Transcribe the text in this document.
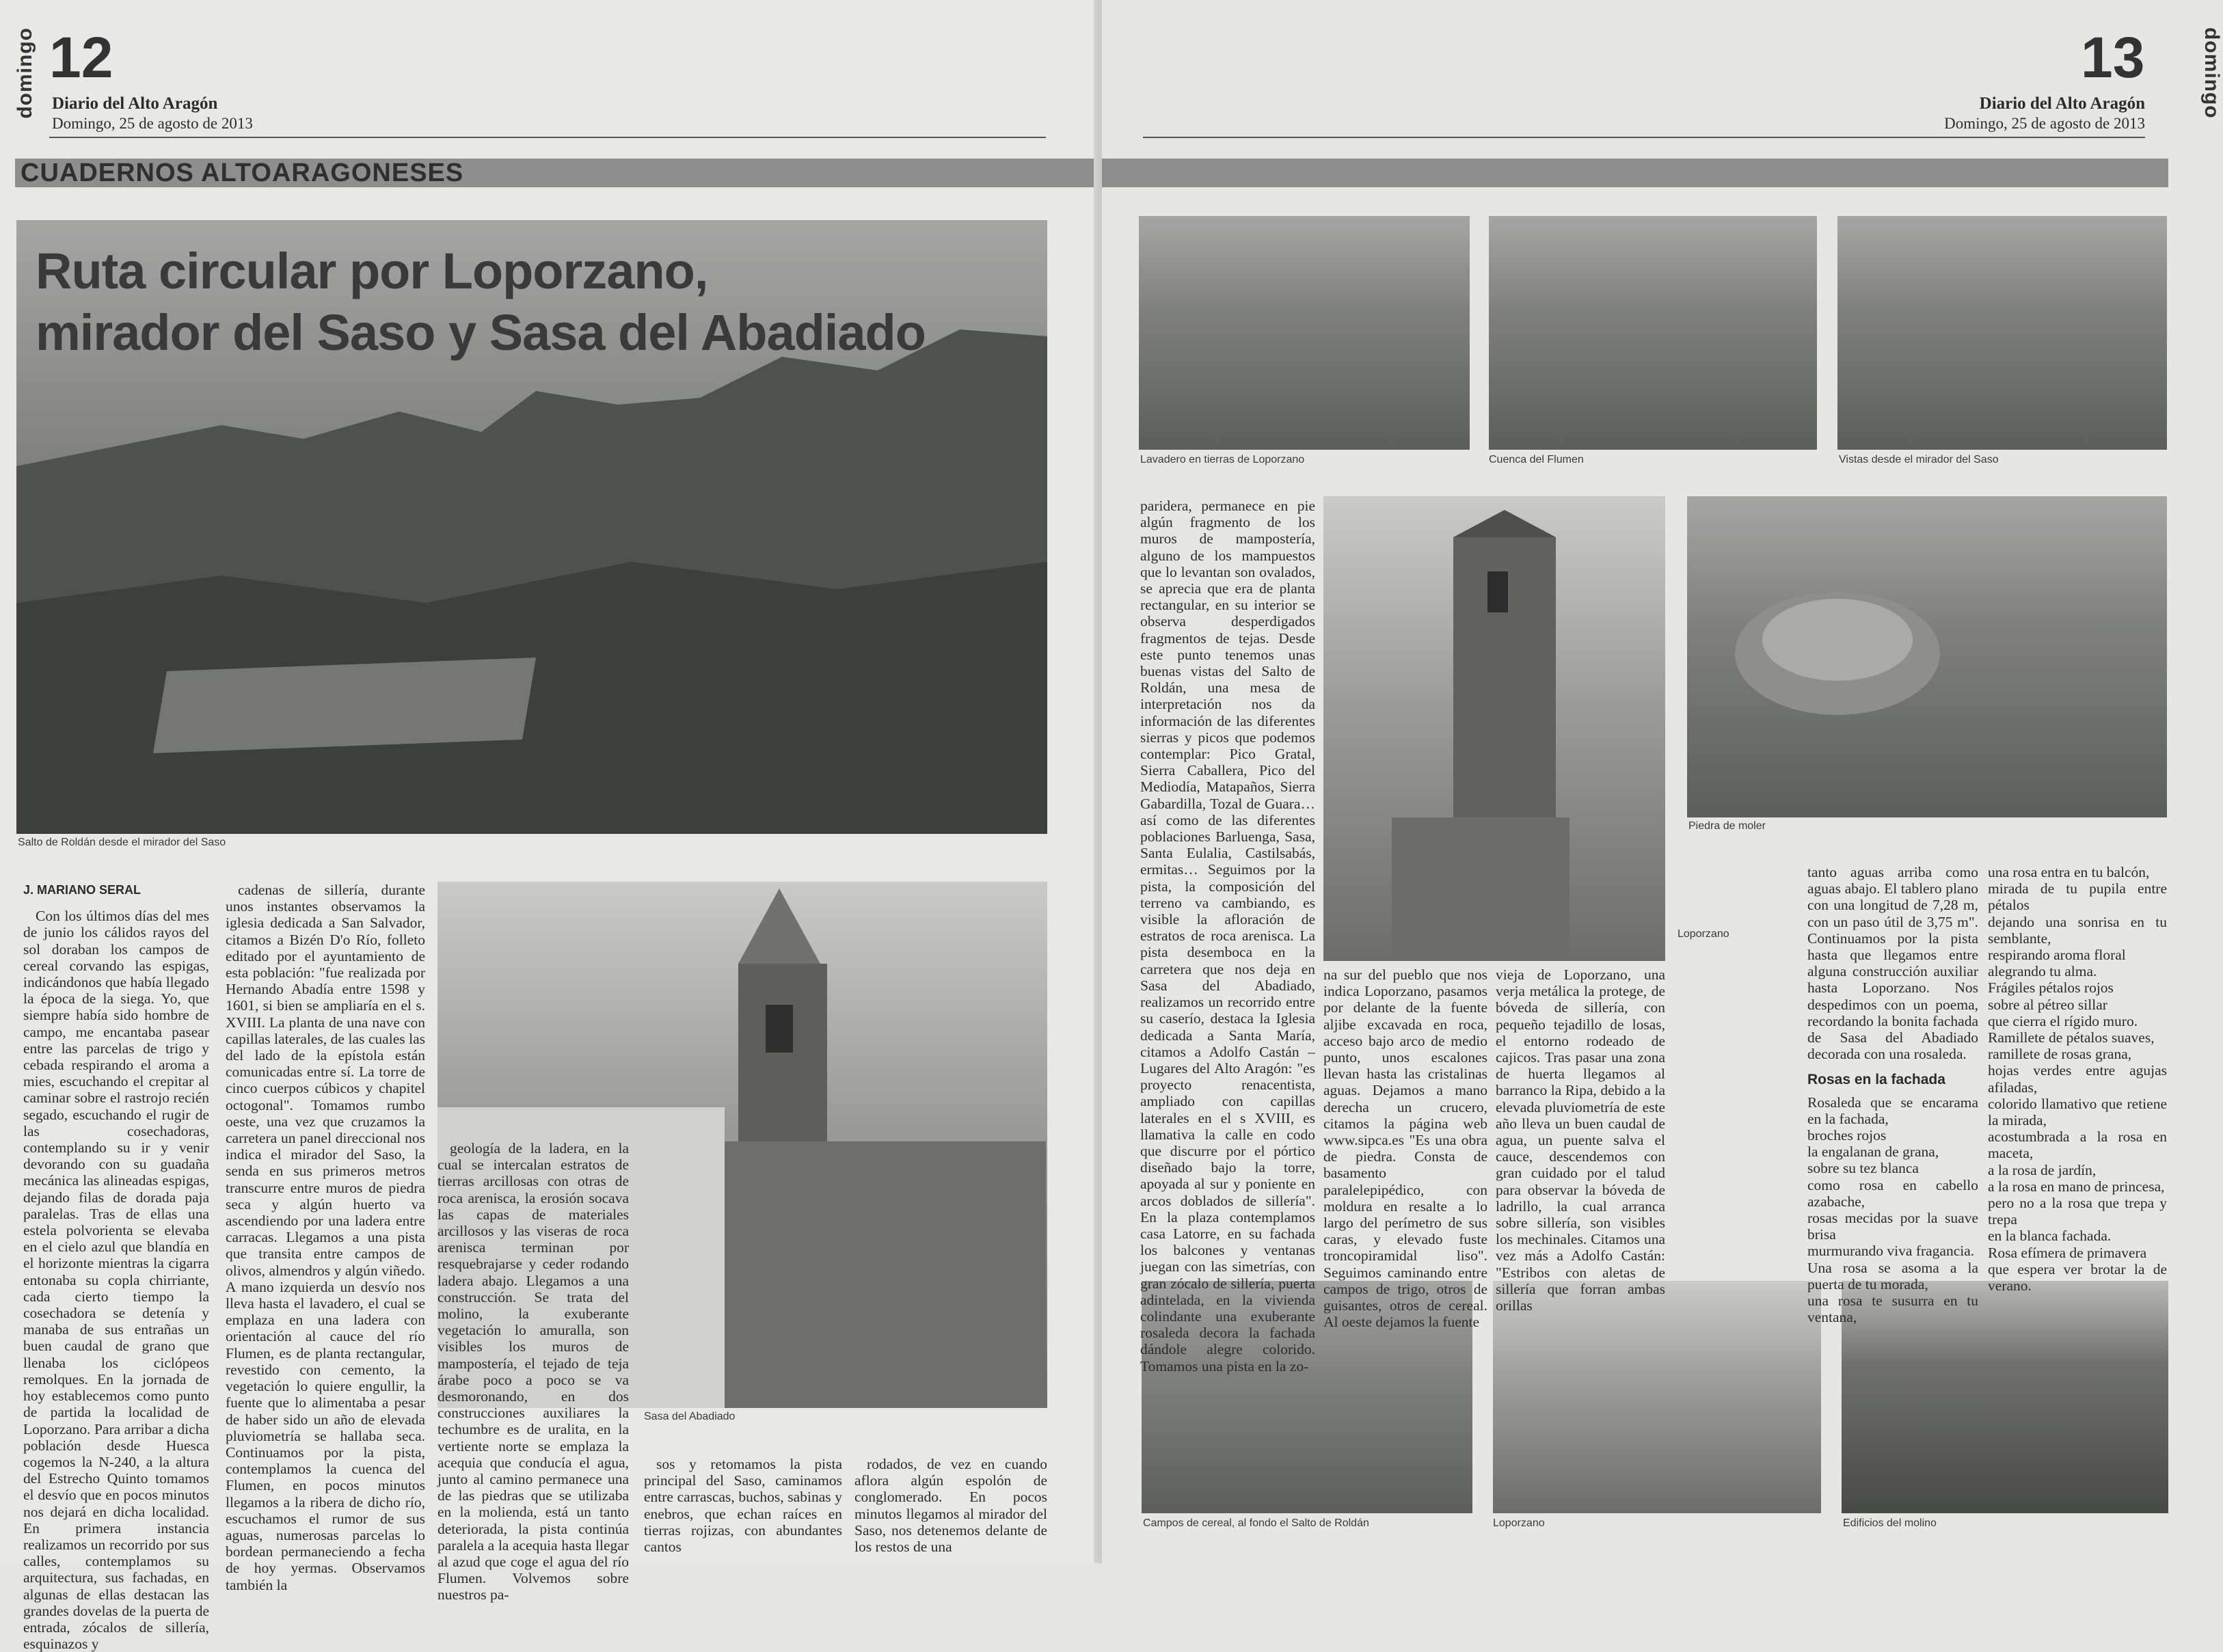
domingo 12
Diario del Alto Aragón
Domingo, 25 de agosto de 2013
CUADERNOS ALTOARAGONESES
Ruta circular por Loporzano,
mirador del Saso y Sasa del Abadiado
Salto de Roldán desde el mirador del Saso
Sasa del Abadiado

J. MARIANO SERAL

Con los últimos días del mes de junio los cálidos rayos del sol doraban los campos de cereal corvando las espigas, indicándonos que había llegado la época de la siega. Yo, que siempre había sido hombre de campo, me encantaba pasear entre las parcelas de trigo y cebada respirando el aroma a mies, escuchando el crepitar al caminar sobre el rastrojo recién segado, escuchando el rugir de las cosechadoras, contemplando su ir y venir devorando con su guadaña mecánica las alineadas espigas, dejando filas de dorada paja paralelas. Tras de ellas una estela polvorienta se elevaba en el cielo azul que blandía en el horizonte mientras la cigarra entonaba su copla chirriante, cada cierto tiempo la cosechadora se detenía y manaba de sus entrañas un buen caudal de grano que llenaba los ciclópeos remolques. En la jornada de hoy establecemos como punto de partida la localidad de Loporzano. Para arribar a dicha población desde Huesca cogemos la N-240, a la altura del Estrecho Quinto tomamos el desvío que en pocos minutos nos dejará en dicha localidad. En primera instancia realizamos un recorrido por sus calles, contemplamos su arquitectura, sus fachadas, en algunas de ellas destacan las grandes dovelas de la puerta de entrada, zócalos de sillería, esquinazos y

cadenas de sillería, durante unos instantes observamos la iglesia dedicada a San Salvador, citamos a Bizén D'o Río, folleto editado por el ayuntamiento de esta población: "fue realizada por Hernando Abadía entre 1598 y 1601, si bien se ampliaría en el s. XVIII. La planta de una nave con capillas laterales, de las cuales las del lado de la epístola están comunicadas entre sí. La torre de cinco cuerpos cúbicos y chapitel octogonal". Tomamos rumbo oeste, una vez que cruzamos la carretera un panel direccional nos indica el mirador del Saso, la senda en sus primeros metros transcurre entre muros de piedra seca y algún huerto va ascendiendo por una ladera entre carracas. Llegamos a una pista que transita entre campos de olivos, almendros y algún viñedo. A mano izquierda un desvío nos lleva hasta el lavadero, el cual se emplaza en una ladera con orientación al cauce del río Flumen, es de planta rectangular, revestido con cemento, la vegetación lo quiere engullir, la fuente que lo alimentaba a pesar de haber sido un año de elevada pluviometría se hallaba seca. Continuamos por la pista, contemplamos la cuenca del Flumen, en pocos minutos llegamos a la ribera de dicho río, escuchamos el rumor de sus aguas, numerosas parcelas lo bordean permaneciendo a fecha de hoy yermas. Observamos también la

geología de la ladera, en la cual se intercalan estratos de tierras arcillosas con otras de roca arenisca, la erosión socava las capas de materiales arcillosos y las viseras de roca arenisca terminan por resquebrajarse y ceder rodando ladera abajo. Llegamos a una construcción. Se trata del molino, la exuberante vegetación lo amuralla, son visibles los muros de mampostería, el tejado de teja árabe poco a poco se va desmoronando, en dos construcciones auxiliares la techumbre es de uralita, en la vertiente norte se emplaza la acequia que conducía el agua, junto al camino permanece una de las piedras que se utilizaba en la molienda, está un tanto deteriorada, la pista continúa paralela a la acequia hasta llegar al azud que coge el agua del río Flumen. Volvemos sobre nuestros pa-

sos y retomamos la pista principal del Saso, caminamos entre carrascas, buchos, sabinas y enebros, que echan raíces en tierras rojizas, con abundantes cantos

rodados, de vez en cuando aflora algún espolón de conglomerado. En pocos minutos llegamos al mirador del Saso, nos detenemos delante de los restos de una

13	domingo
Diario del Alto Aragón
Domingo, 25 de agosto de 2013
Lavadero en tierras de Loporzano	Cuenca del Flumen	Vistas desde el mirador del Saso
Loporzano
Piedra de moler
Campos de cereal, al fondo el Salto de Roldán	Loporzano	Edificios del molino

paridera, permanece en pie algún fragmento de los muros de mampostería, alguno de los mampuestos que lo levantan son ovalados, se aprecia que era de planta rectangular, en su interior se observa desperdigados fragmentos de tejas. Desde este punto tenemos unas buenas vistas del Salto de Roldán, una mesa de interpretación nos da información de las diferentes sierras y picos que podemos contemplar: Pico Gratal, Sierra Caballera, Pico del Mediodía, Matapaños, Sierra Gabardilla, Tozal de Guara… así como de las diferentes poblaciones Barluenga, Sasa, Santa Eulalia, Castilsabás, ermitas… Seguimos por la pista, la composición del terreno va cambiando, es visible la afloración de estratos de roca arenisca. La pista desemboca en la carretera que nos deja en Sasa del Abadiado, realizamos un recorrido entre su caserío, destaca la Iglesia dedicada a Santa María, citamos a Adolfo Castán –Lugares del Alto Aragón: "es proyecto renacentista, ampliado con capillas laterales en el s XVIII, es llamativa la calle en codo que discurre por el pórtico diseñado bajo la torre, apoyada al sur y poniente en arcos doblados de sillería". En la plaza contemplamos casa Latorre, en su fachada los balcones y ventanas juegan con las simetrías, con gran zócalo de sillería, puerta adintelada, en la vivienda colindante una exuberante rosaleda decora la fachada dándole alegre colorido. Tomamos una pista en la zo-

na sur del pueblo que nos indica Loporzano, pasamos por delante de la fuente aljibe excavada en roca, acceso bajo arco de medio punto, unos escalones llevan hasta las cristalinas aguas. Dejamos a mano derecha un crucero, citamos la página web www.sipca.es "Es una obra de piedra. Consta de basamento paralelepipédico, con moldura en resalte a lo largo del perímetro de sus caras, y elevado fuste troncopiramidal liso". Seguimos caminando entre campos de trigo, otros de guisantes, otros de cereal. Al oeste dejamos la fuente

vieja de Loporzano, una verja metálica la protege, de bóveda de sillería, con pequeño tejadillo de losas, el entorno rodeado de cajicos. Tras pasar una zona de huerta llegamos al barranco la Ripa, debido a la elevada pluviometría de este año lleva un buen caudal de agua, un puente salva el cauce, descendemos con gran cuidado por el talud para observar la bóveda de ladrillo, la cual arranca sobre sillería, son visibles los mechinales. Citamos una vez más a Adolfo Castán: "Estribos con aletas de sillería que forran ambas orillas

tanto aguas arriba como aguas abajo. El tablero plano con una longitud de 7,28 m, con un paso útil de 3,75 m". Continuamos por la pista hasta que llegamos entre alguna construcción auxiliar hasta Loporzano. Nos despedimos con un poema, recordando la bonita fachada de Sasa del Abadiado decorada con una rosaleda.

Rosas en la fachada

Rosaleda que se encarama en la fachada,
broches rojos
la engalanan de grana,
sobre su tez blanca
como rosa en cabello azabache,
rosas mecidas por la suave brisa
murmurando viva fragancia.
Una rosa se asoma a la puerta de tu morada,
una rosa te susurra en tu ventana,
una rosa entra en tu balcón,
mirada de tu pupila entre pétalos
dejando una sonrisa en tu semblante,
respirando aroma floral
alegrando tu alma.
Frágiles pétalos rojos
sobre al pétreo sillar
que cierra el rígido muro.
Ramillete de pétalos suaves,
ramillete de rosas grana,
hojas verdes entre agujas afiladas,
colorido llamativo que retiene la mirada,
acostumbrada a la rosa en maceta,
a la rosa de jardín,
a la rosa en mano de princesa,
pero no a la rosa que trepa y trepa
en la blanca fachada.
Rosa efímera de primavera
que espera ver brotar la de verano.
